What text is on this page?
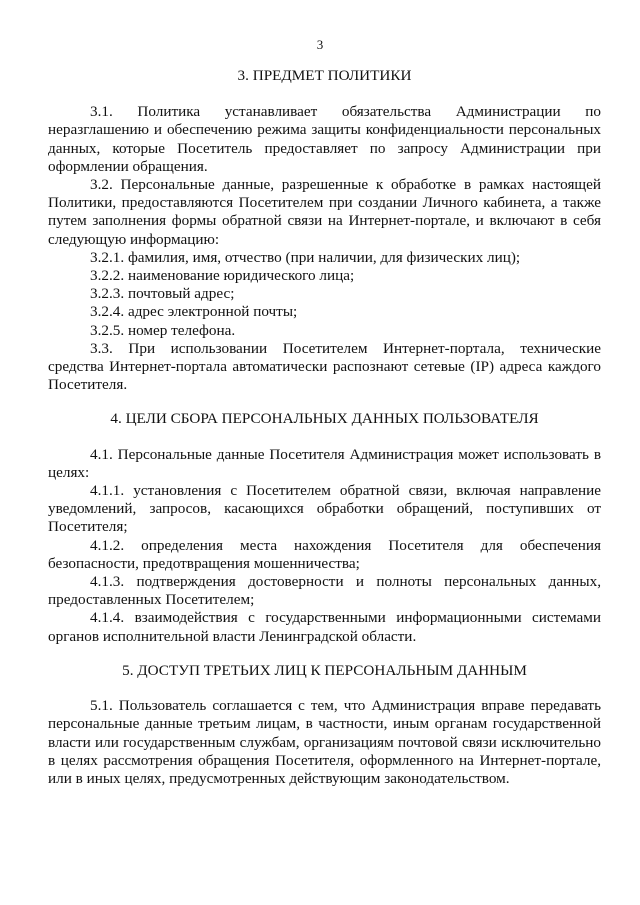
3
3. ПРЕДМЕТ ПОЛИТИКИ

3.1. Политика устанавливает обязательства Администрации по неразглашению и обеспечению режима защиты конфиденциальности персональных данных, которые Посетитель предоставляет по запросу Администрации при оформлении обращения.

3.2. Персональные данные, разрешенные к обработке в рамках настоящей Политики, предоставляются Посетителем при создании Личного кабинета, а также путем заполнения формы обратной связи на Интернет-портале, и включают в себя следующую информацию:

3.2.1. фамилия, имя, отчество (при наличии, для физических лиц);

3.2.2. наименование юридического лица;

3.2.3. почтовый адрес;

3.2.4. адрес электронной почты;

3.2.5. номер телефона.

3.3. При использовании Посетителем Интернет-портала, технические средства Интернет-портала автоматически распознают сетевые (IP) адреса каждого Посетителя.

4. ЦЕЛИ СБОРА ПЕРСОНАЛЬНЫХ ДАННЫХ ПОЛЬЗОВАТЕЛЯ

4.1. Персональные данные Посетителя Администрация может использовать в целях:

4.1.1. установления с Посетителем обратной связи, включая направление уведомлений, запросов, касающихся обработки обращений, поступивших от Посетителя;

4.1.2. определения места нахождения Посетителя для обеспечения безопасности, предотвращения мошенничества;

4.1.3. подтверждения достоверности и полноты персональных данных, предоставленных Посетителем;

4.1.4. взаимодействия с государственными информационными системами органов исполнительной власти Ленинградской области.

5. ДОСТУП ТРЕТЬИХ ЛИЦ К ПЕРСОНАЛЬНЫМ ДАННЫМ

5.1. Пользователь соглашается с тем, что Администрация вправе передавать персональные данные третьим лицам, в частности, иным органам государственной власти или государственным службам, организациям почтовой связи исключительно в целях рассмотрения обращения Посетителя, оформленного на Интернет-портале, или в иных целях, предусмотренных действующим законодательством.
